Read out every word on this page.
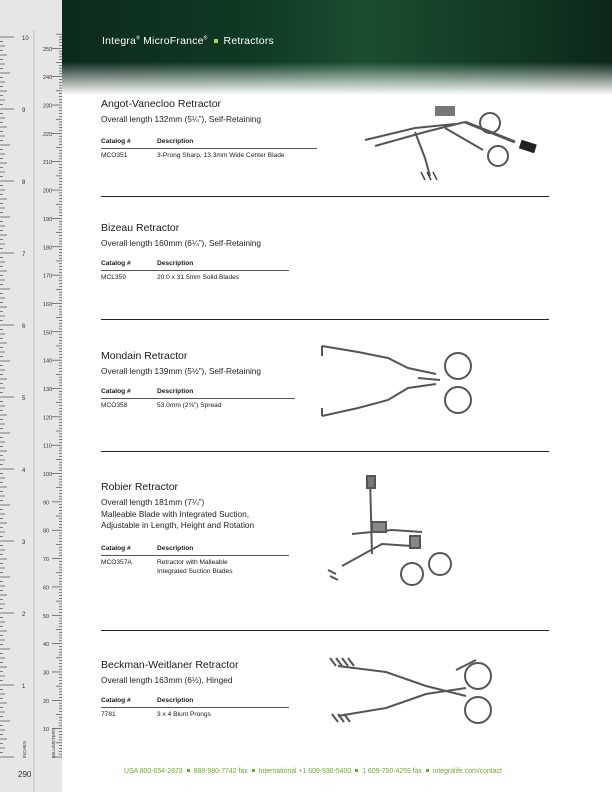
1
2
3
4
5
6
7
8
9
10
10
20
30
40
50
60
70
80
90
100
110
120
130
140
150
160
170
180
190
200
210
220
230
240
250
INCHES	MILLIMETERS
Integra® MicroFrance® Retractors
Angot-Vanecloo Retractor
Overall length 132mm (5¼”), Self-Retaining
Catalog #	Description
MCO351	3-Prong Sharp, 13.3mm Wide Center Blade
Bizeau Retractor
Overall length 160mm (6¼”), Self-Retaining
Catalog #	Description
MCL359	20.0 x 31.5mm Solid Blades
Mondain Retractor
Overall length 139mm (5½”), Self-Retaining
Catalog #	Description
MCO358	53.0mm (2⅝”) Spread
Robier Retractor
Overall length 181mm (7¼”)
Malleable Blade with Integrated Suction,
Adjustable in Length, Height and Rotation
Catalog #	Description
MCO357A	Retractor with Malleable
Integrated Suction Blades
Beckman-Weitlaner Retractor
Overall length 163mm (6½), Hinged
Catalog #	Description
7781	3 x 4 Blunt Prongs
USA 800-654-2873 888-980-7742 fax International +1 609-936-5400 1 609-750-4259 fax integralife.com/contact
290
